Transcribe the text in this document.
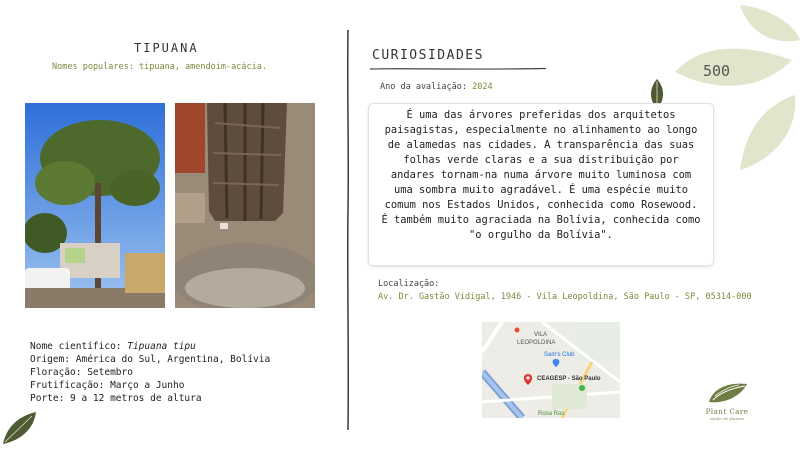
500
TIPUANA
Nomes populares: tipuana, amendoim-acácia.
Nome científico: Tipuana tipu
Origem: América do Sul, Argentina, Bolívia
Floração: Setembro
Frutificação: Março a Junho
Porte: 9 a 12 metros de altura
CURIOSIDADES
Ano da avaliação: 2024
É uma das árvores preferidas dos arquitetos paisagistas, especialmente no alinhamento ao longo de alamedas nas cidades. A transparência das suas folhas verde claras e a sua distribuição por andares tornam-na numa árvore muito luminosa com uma sombra muito agradável. É uma espécie muito comum nos Estados Unidos, conhecida como Rosewood. É também muito agraciada na Bolívia, conhecida como "o orgulho da Bolívia".
Localização:
Av. Dr. Gastão Vidigal, 1946 - Vila Leopoldina, São Paulo - SP, 05314-000
VILA
LEOPOLDINA
Sam's Club
CEAGESP - São Paulo
Rosa Ras	Plant Care
saúde de plantas
